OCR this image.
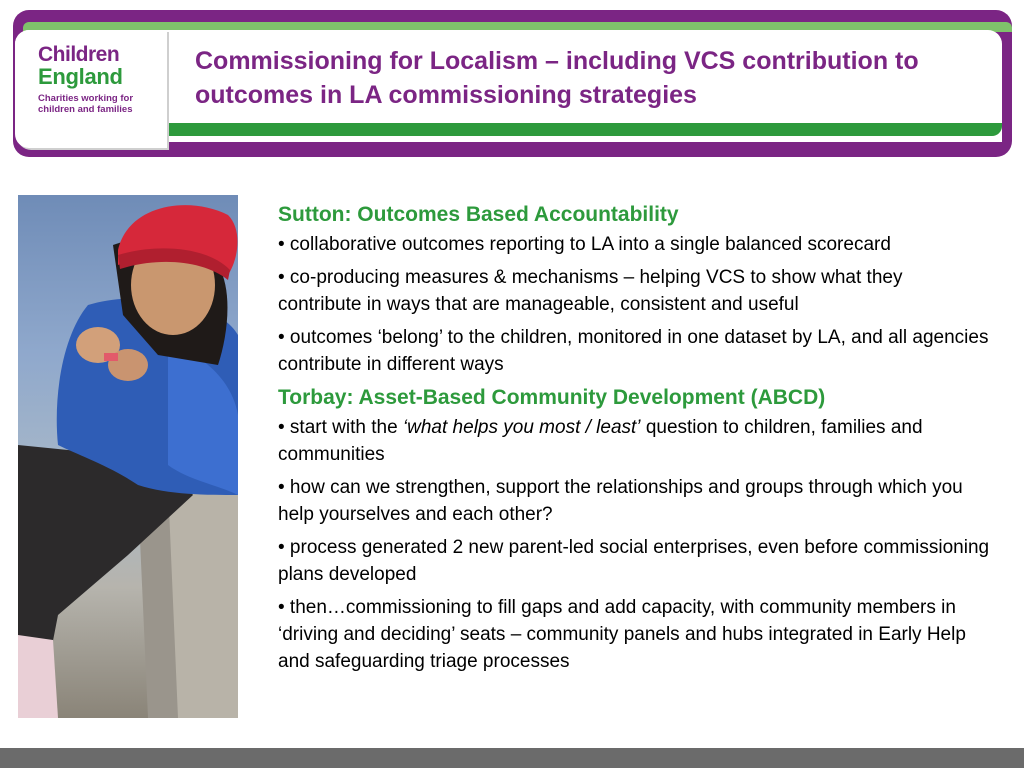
Children
England
Charities working for
children and families
Commissioning for Localism – including VCS contribution to outcomes in LA commissioning strategies
Sutton: Outcomes Based Accountability
• collaborative outcomes reporting to LA into a single balanced scorecard
• co-producing measures & mechanisms – helping VCS to show what they contribute in ways that are manageable, consistent and useful
• outcomes ‘belong’ to the children, monitored in one dataset by LA, and all agencies contribute in different ways
Torbay: Asset-Based Community Development (ABCD)
• start with the ‘what helps you most / least’ question to children, families and communities
• how can we strengthen, support the relationships and groups through which you help yourselves and each other?
• process generated 2 new parent-led social enterprises, even before commissioning plans developed
• then…commissioning to fill gaps and add capacity, with community members in ‘driving and deciding’ seats – community panels and hubs integrated in Early Help and safeguarding triage processes
